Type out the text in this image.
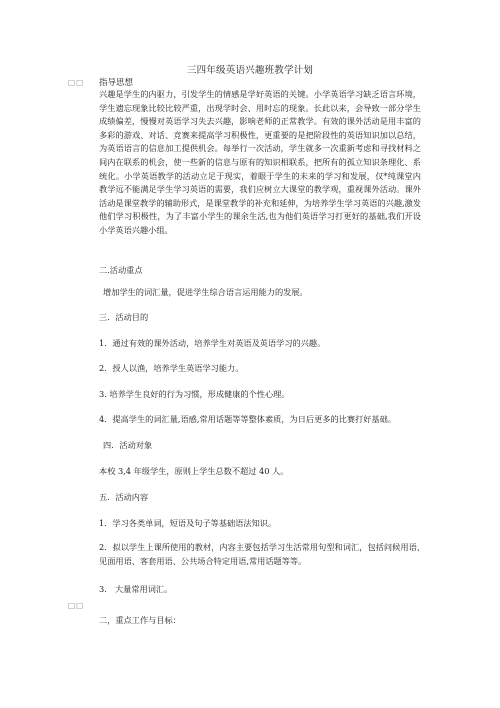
三四年级英语兴趣班教学计划
□□ 指导思想
兴趣是学生的内驱力，引发学生的情感是学好英语的关键。小学英语学习缺乏语言环境，学生遗忘现象比较比较严重，出现学时会、用时忘的现象。长此以来，会导致一部分学生成绩偏差，慢慢对英语学习失去兴趣，影响老师的正常教学。有效的课外活动是用丰富的多彩的游戏、对话、竞赛来提高学习积极性，更重要的是把阶段性的英语知识加以总结，为英语语言的信息加工提供机会。每举行一次活动，学生就多一次重新考虑和寻找材料之间内在联系的机会，使一些新的信息与原有的知识相联系，把所有的孤立知识条理化、系统化。小学英语教学的活动立足于现实，着眼于学生的未来的学习和发展，仅*纯课堂内教学远不能满足学生学习英语的需要，我们应树立大课堂的教学观，重视课外活动。课外活动是课堂教学的辅助形式，是课堂教学的补充和延伸，为培养学生学习英语的兴趣,激发他们学习积极性，为了丰富小学生的课余生活,也为他们英语学习打更好的基础,我们开设小学英语兴趣小组。
二.活动重点
增加学生的词汇量，促进学生综合语言运用能力的发展。
三．活动目的
1．通过有效的课外活动，培养学生对英语及英语学习的兴趣。
2．授人以渔，培养学生英语学习能力。
3. 培养学生良好的行为习惯，形成健康的个性心理。
4．提高学生的词汇量,语感,常用话题等等整体素质，为日后更多的比赛打好基础。
四．活动对象
本校 3,4 年级学生，原则上学生总数不超过 40 人。
五．活动内容
1．学习各类单词，短语及句子等基础语法知识。
2．拟以学生上课所使用的教材，内容主要包括学习生活常用句型和词汇，包括问候用语、见面用语、客套用语、公共场合特定用语,常用话题等等。
3． 大量常用词汇。
□□
二，重点工作与目标：
